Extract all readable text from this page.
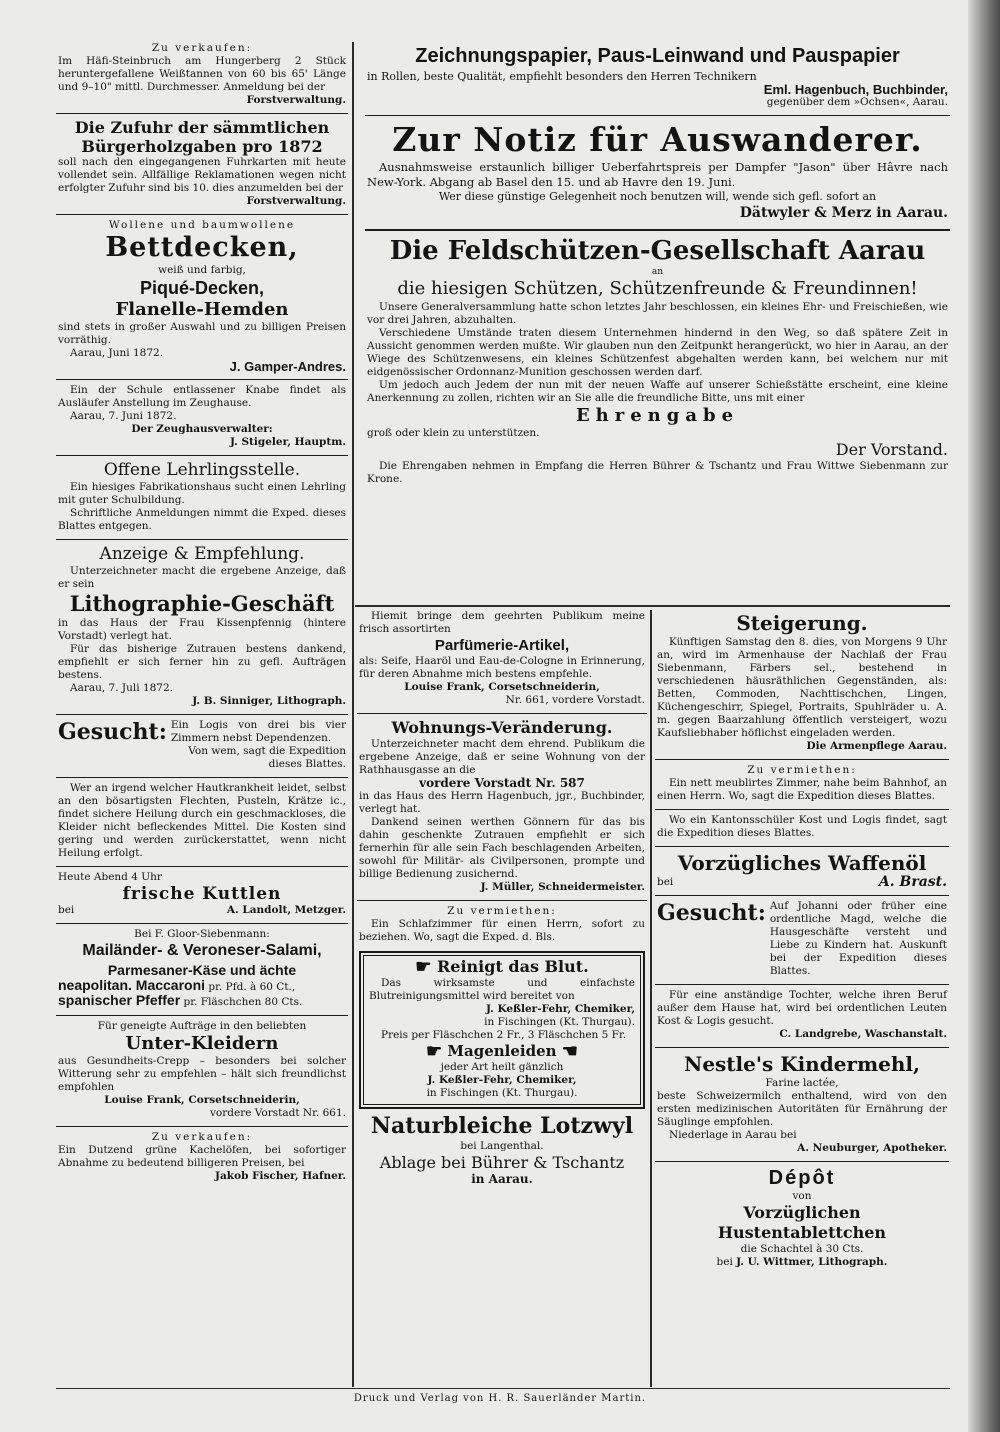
Zu verkaufen:

Im Häfi-Steinbruch am Hungerberg 2 Stück heruntergefallene Weißtannen von 60 bis 65' Länge und 9–10" mittl. Durchmesser. Anmeldung bei der

Forstverwaltung.

Die Zufuhr der sämmtlichen Bürgerholzgaben pro 1872

soll nach den eingegangenen Fuhrkarten mit heute vollendet sein. Allfällige Reklamationen wegen nicht erfolgter Zufuhr sind bis 10. dies anzumelden bei der

Forstverwaltung.

Wollene und baumwollene

Bettdecken,

weiß und farbig,

Piqué-Decken,

Flanelle-Hemden

sind stets in großer Auswahl und zu billigen Preisen vorräthig.

Aarau, Juni 1872.

J. Gamper-Andres.

Ein der Schule entlassener Knabe findet als Ausläufer Anstellung im Zeughause.

Aarau, 7. Juni 1872.

Der Zeughausverwalter:

J. Stigeler, Hauptm.

Offene Lehrlingsstelle.

Ein hiesiges Fabrikationshaus sucht einen Lehrling mit guter Schulbildung.

Schriftliche Anmeldungen nimmt die Exped. dieses Blattes entgegen.

Anzeige & Empfehlung.

Unterzeichneter macht die ergebene Anzeige, daß er sein

Lithographie-Geschäft

in das Haus der Frau Kissenpfennig (hintere Vorstadt) verlegt hat.

Für das bisherige Zutrauen bestens dankend, empfiehlt er sich ferner hin zu gefl. Aufträgen bestens.

Aarau, 7. Juli 1872.

J. B. Sinniger, Lithograph.

Gesucht: Ein Logis von drei bis vier Zimmern nebst Dependenzen.

Von wem, sagt die Expedition dieses Blattes.

Wer an irgend welcher Hautkrankheit leidet, selbst an den bösartigsten Flechten, Pusteln, Krätze ic., findet sichere Heilung durch ein geschmackloses, die Kleider nicht befleckendes Mittel. Die Kosten sind gering und werden zurückerstattet, wenn nicht Heilung erfolgt.

Heute Abend 4 Uhr

frische Kuttlen

bei	A. Landolt, Metzger.

Bei F. Gloor-Siebenmann:

Mailänder- & Veroneser-Salami,

Parmesaner-Käse und ächte

neapolitan. Maccaroni pr. Pfd. à 60 Ct.,

spanischer Pfeffer pr. Fläschchen 80 Cts.

Für geneigte Aufträge in den beliebten

Unter-Kleidern

aus Gesundheits-Crepp – besonders bei solcher Witterung sehr zu empfehlen – hält sich freundlichst empfohlen

Louise Frank, Corsetschneiderin,

vordere Vorstadt Nr. 661.

Zu verkaufen:

Ein Dutzend grüne Kachelöfen, bei sofortiger Abnahme zu bedeutend billigeren Preisen, bei

Jakob Fischer, Hafner.

Zeichnungspapier, Paus-Leinwand und Pauspapier

in Rollen, beste Qualität, empfiehlt besonders den Herren Technikern

Eml. Hagenbuch, Buchbinder,

gegenüber dem »Ochsen«, Aarau.

Zur Notiz für Auswanderer.

Ausnahmsweise erstaunlich billiger Ueberfahrtspreis per Dampfer "Jason" über Hâvre nach New-York. Abgang ab Basel den 15. und ab Havre den 19. Juni.

Wer diese günstige Gelegenheit noch benutzen will, wende sich gefl. sofort an

Dätwyler & Merz in Aarau.

Die Feldschützen-Gesellschaft Aarau

an

die hiesigen Schützen, Schützenfreunde & Freundinnen!

Unsere Generalversammlung hatte schon letztes Jahr beschlossen, ein kleines Ehr- und Freischießen, wie vor drei Jahren, abzuhalten.

Verschiedene Umstände traten diesem Unternehmen hindernd in den Weg, so daß spätere Zeit in Aussicht genommen werden mußte. Wir glauben nun den Zeitpunkt herangerückt, wo hier in Aarau, an der Wiege des Schützenwesens, ein kleines Schützenfest abgehalten werden kann, bei welchem nur mit eidgenössischer Ordonnanz-Munition geschossen werden darf.

Um jedoch auch Jedem der nun mit der neuen Waffe auf unserer Schießstätte erscheint, eine kleine Anerkennung zu zollen, richten wir an Sie alle die freundliche Bitte, uns mit einer

Ehrengabe

groß oder klein zu unterstützen.

Der Vorstand.

Die Ehrengaben nehmen in Empfang die Herren Bührer & Tschantz und Frau Wittwe Siebenmann zur Krone.

Hiemit bringe dem geehrten Publikum meine frisch assortirten

Parfümerie-Artikel,

als: Seife, Haaröl und Eau-de-Cologne in Erinnerung, für deren Abnahme mich bestens empfehle.

Louise Frank, Corsetschneiderin,

Nr. 661, vordere Vorstadt.

Wohnungs-Veränderung.

Unterzeichneter macht dem ehrend. Publikum die ergebene Anzeige, daß er seine Wohnung von der Rathhausgasse an die

vordere Vorstadt Nr. 587

in das Haus des Herrn Hagenbuch, jgr., Buchbinder, verlegt hat.

Dankend seinen werthen Gönnern für das bis dahin geschenkte Zutrauen empfiehlt er sich fernerhin für alle sein Fach beschlagenden Arbeiten, sowohl für Militär- als Civilpersonen, prompte und billige Bedienung zusichernd.

J. Müller, Schneidermeister.

Zu vermiethen:

Ein Schlafzimmer für einen Herrn, sofort zu beziehen. Wo, sagt die Exped. d. Bls.

☛ Reinigt das Blut.

Das wirksamste und einfachste Blutreinigungsmittel wird bereitet von

J. Keßler-Fehr, Chemiker,

in Fischingen (Kt. Thurgau).

Preis per Fläschchen 2 Fr., 3 Fläschchen 5 Fr.

☛ Magenleiden ☚

jeder Art heilt gänzlich

J. Keßler-Fehr, Chemiker,

in Fischingen (Kt. Thurgau).

Naturbleiche Lotzwyl

bei Langenthal.

Ablage bei Bührer & Tschantz

in Aarau.

Steigerung.

Künftigen Samstag den 8. dies, von Morgens 9 Uhr an, wird im Armenhause der Nachlaß der Frau Siebenmann, Färbers sel., bestehend in verschiedenen häusräthlichen Gegenständen, als: Betten, Commoden, Nachttischchen, Lingen, Küchengeschirr, Spiegel, Portraits, Spuhlräder u. A. m. gegen Baarzahlung öffentlich versteigert, wozu Kaufsliebhaber höflichst eingeladen werden.

Die Armenpflege Aarau.

Zu vermiethen:

Ein nett meublirtes Zimmer, nahe beim Bahnhof, an einen Herrn. Wo, sagt die Expedition dieses Blattes.

Wo ein Kantonsschüler Kost und Logis findet, sagt die Expedition dieses Blattes.

Vorzügliches Waffenöl

bei	A. Brast.

Gesucht: Auf Johanni oder früher eine ordentliche Magd, welche die Hausgeschäfte versteht und Liebe zu Kindern hat. Auskunft bei der Expedition dieses Blattes.

Für eine anständige Tochter, welche ihren Beruf außer dem Hause hat, wird bei ordentlichen Leuten Kost & Logis gesucht.

C. Landgrebe, Waschanstalt.

Nestle's Kindermehl,

Farine lactée,

beste Schweizermilch enthaltend, wird von den ersten medizinischen Autoritäten für Ernährung der Säuglinge empfohlen.

Niederlage in Aarau bei

A. Neuburger, Apotheker.

Dépôt

von

Vorzüglichen Hustentablettchen

die Schachtel à 30 Cts.

bei J. U. Wittmer, Lithograph.

Druck und Verlag von H. R. Sauerländer Martin.
